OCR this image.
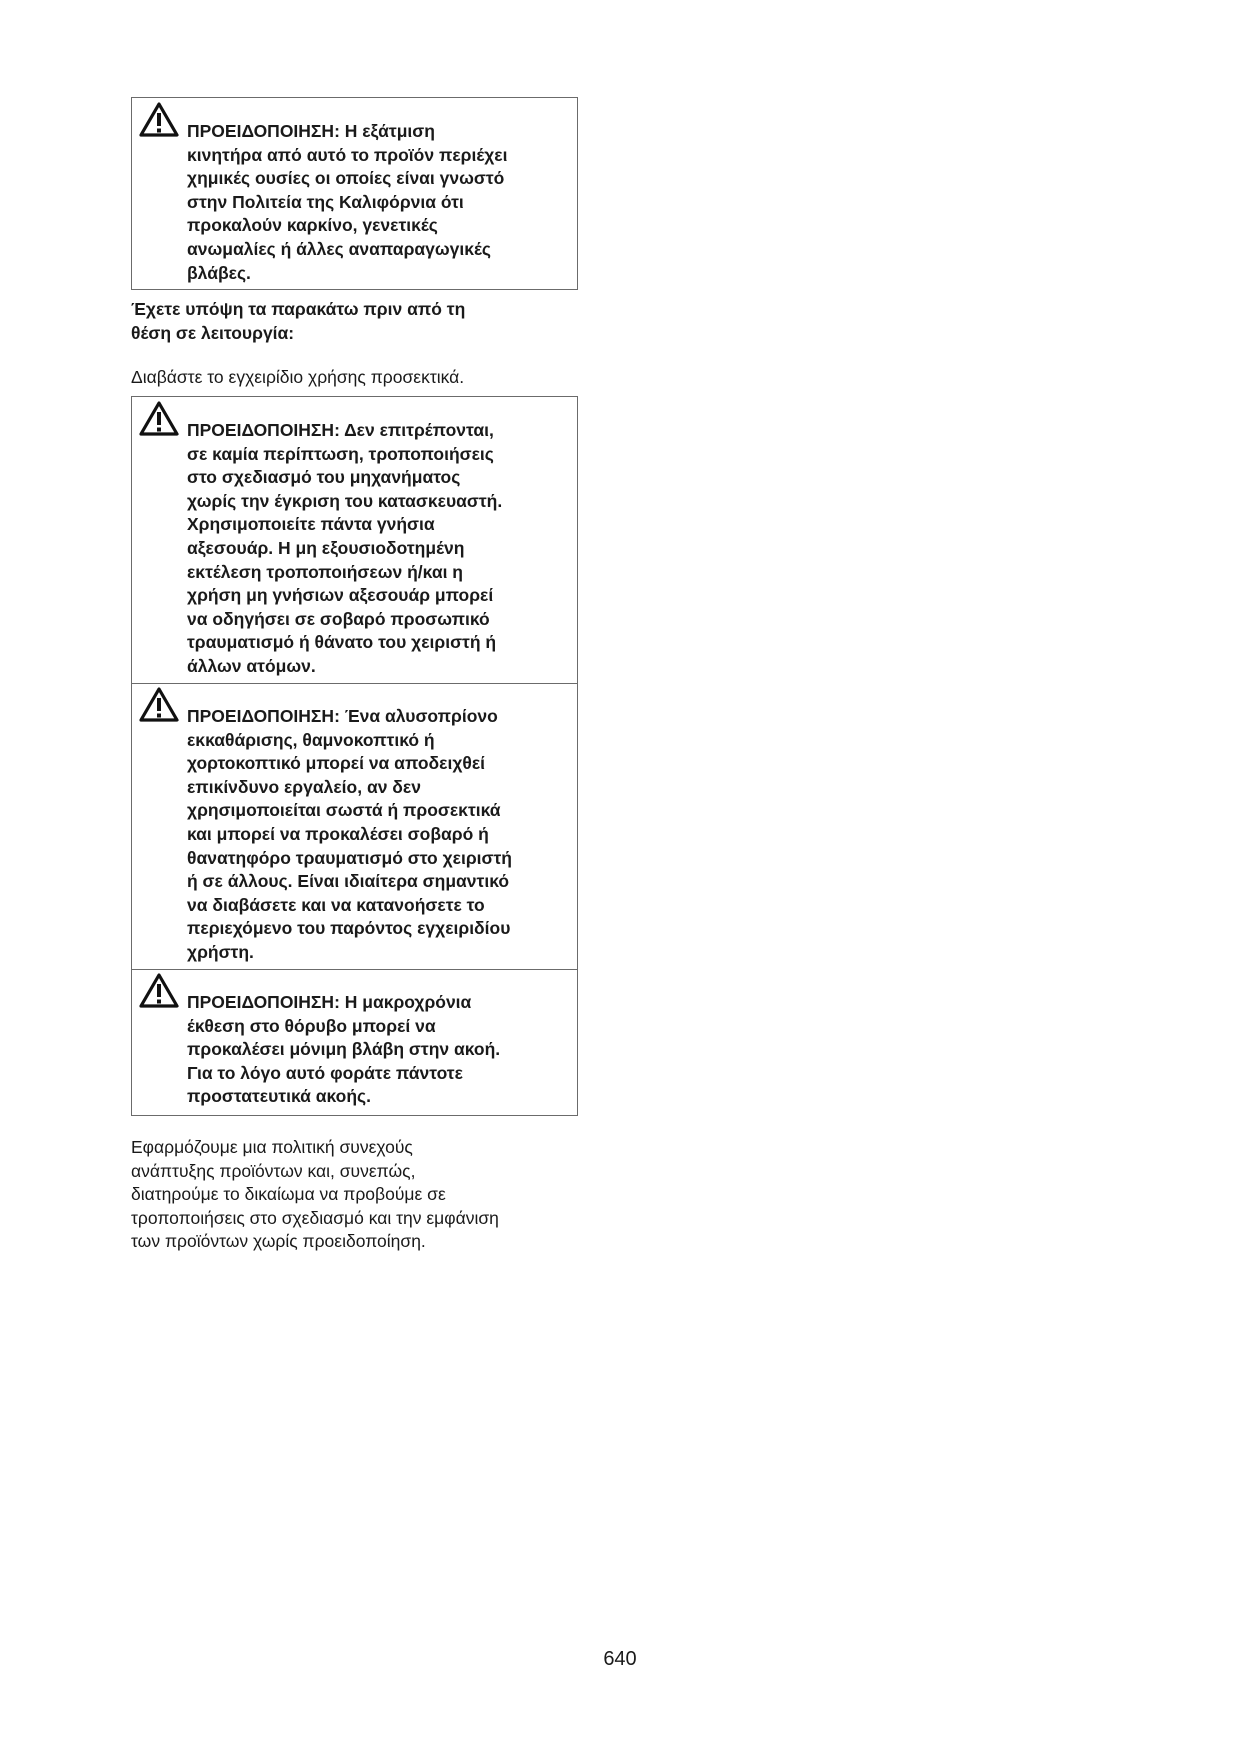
ΠΡΟΕΙΔΟΠΟΙΗΣΗ: Η εξάτμιση
κινητήρα από αυτό το προϊόν περιέχει
χημικές ουσίες οι οποίες είναι γνωστό
στην Πολιτεία της Καλιφόρνια ότι
προκαλούν καρκίνο, γενετικές
ανωμαλίες ή άλλες αναπαραγωγικές
βλάβες.

Έχετε υπόψη τα παρακάτω πριν από τη
θέση σε λειτουργία:

Διαβάστε το εγχειρίδιο χρήσης προσεκτικά.

ΠΡΟΕΙΔΟΠΟΙΗΣΗ: Δεν επιτρέπονται,
σε καμία περίπτωση, τροποποιήσεις
στο σχεδιασμό του μηχανήματος
χωρίς την έγκριση του κατασκευαστή.
Χρησιμοποιείτε πάντα γνήσια
αξεσουάρ. Η μη εξουσιοδοτημένη
εκτέλεση τροποποιήσεων ή/και η
χρήση μη γνήσιων αξεσουάρ μπορεί
να οδηγήσει σε σοβαρό προσωπικό
τραυματισμό ή θάνατο του χειριστή ή
άλλων ατόμων.

ΠΡΟΕΙΔΟΠΟΙΗΣΗ: Ένα αλυσοπρίονο
εκκαθάρισης, θαμνοκοπτικό ή
χορτοκοπτικό μπορεί να αποδειχθεί
επικίνδυνο εργαλείο, αν δεν
χρησιμοποιείται σωστά ή προσεκτικά
και μπορεί να προκαλέσει σοβαρό ή
θανατηφόρο τραυματισμό στο χειριστή
ή σε άλλους. Είναι ιδιαίτερα σημαντικό
να διαβάσετε και να κατανοήσετε το
περιεχόμενο του παρόντος εγχειριδίου
χρήστη.

ΠΡΟΕΙΔΟΠΟΙΗΣΗ: Η μακροχρόνια
έκθεση στο θόρυβο μπορεί να
προκαλέσει μόνιμη βλάβη στην ακοή.
Για το λόγο αυτό φοράτε πάντοτε
προστατευτικά ακοής.

Εφαρμόζουμε μια πολιτική συνεχούς
ανάπτυξης προϊόντων και, συνεπώς,
διατηρούμε το δικαίωμα να προβούμε σε
τροποποιήσεις στο σχεδιασμό και την εμφάνιση
των προϊόντων χωρίς προειδοποίηση.

640
